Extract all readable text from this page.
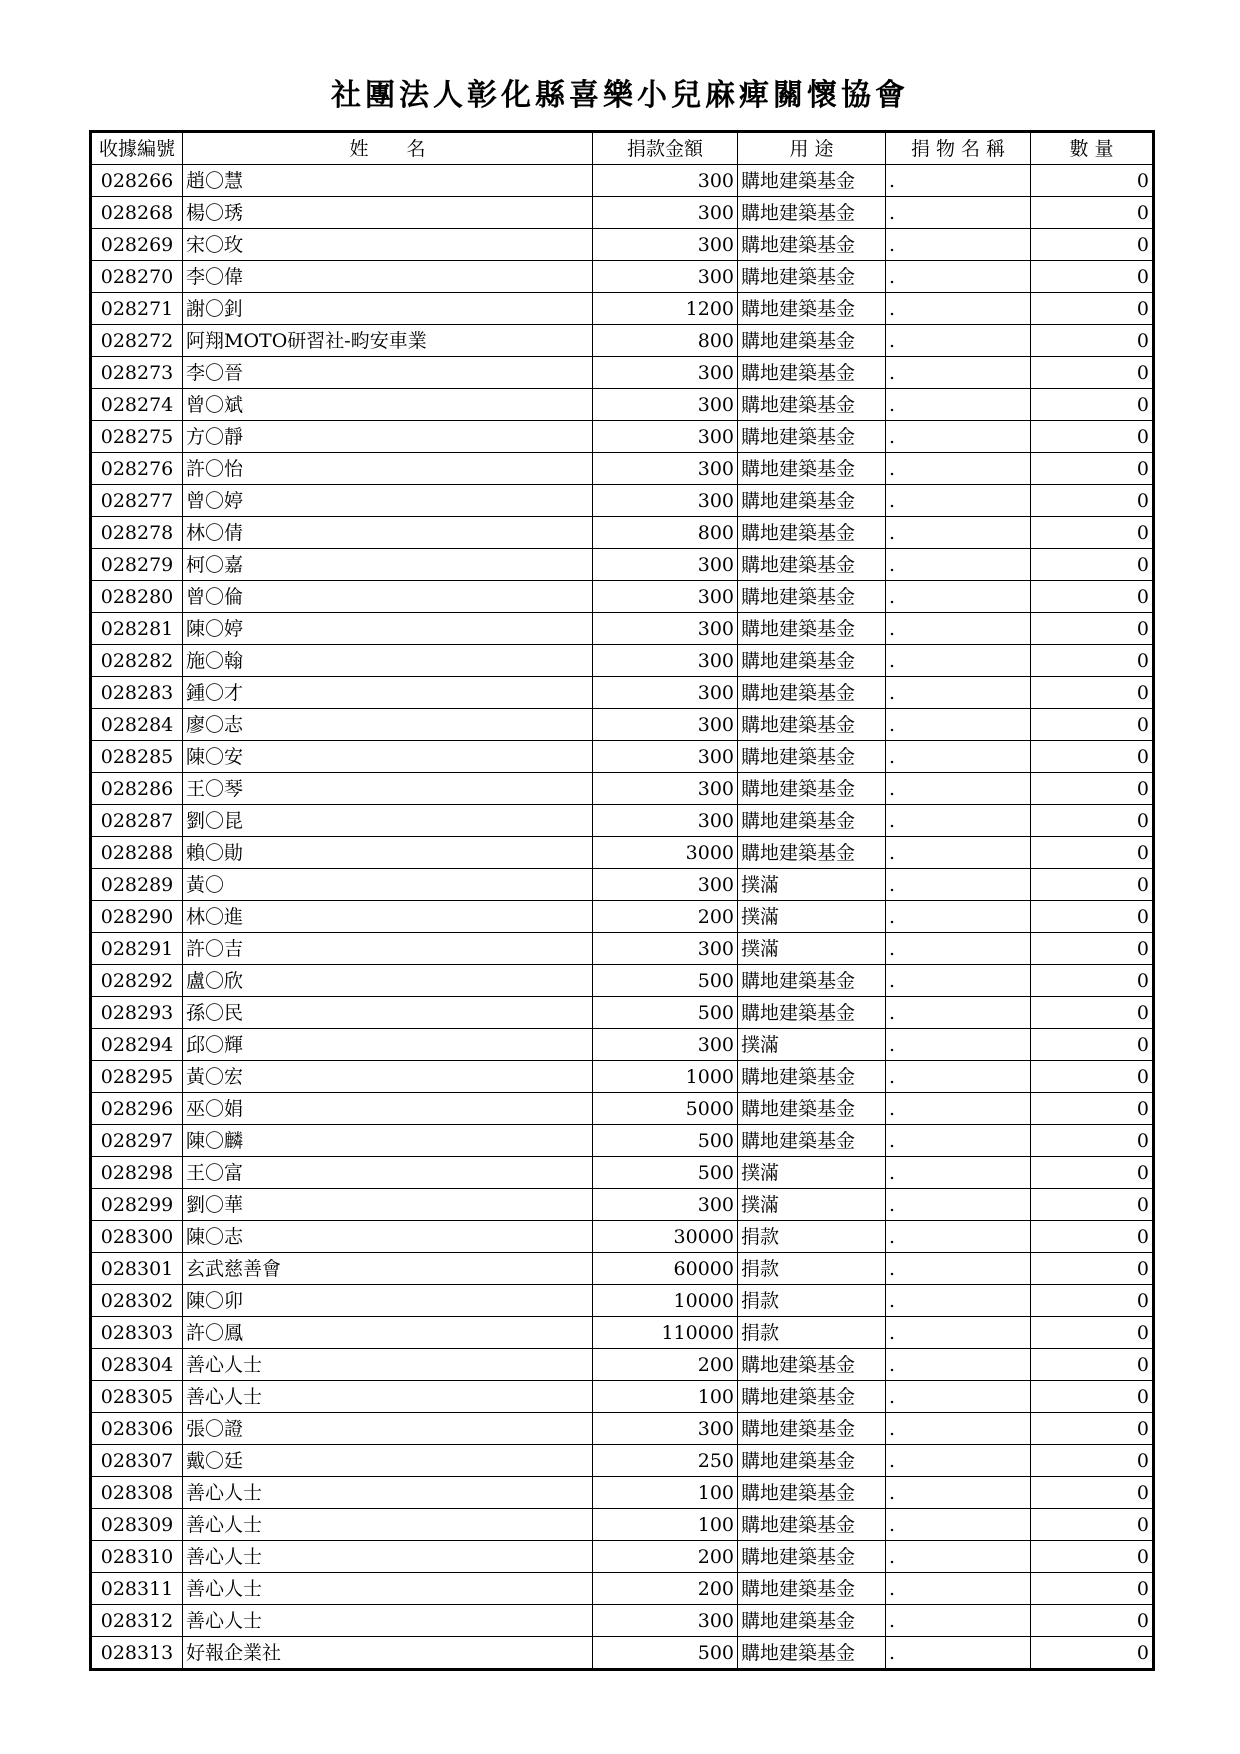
社團法人彰化縣喜樂小兒麻痺關懷協會
收據編號	姓　　名	捐款金額	用 途	捐 物 名 稱	數 量
028266	趙〇慧	300	購地建築基金	.	0
028268	楊〇琇	300	購地建築基金	.	0
028269	宋〇玫	300	購地建築基金	.	0
028270	李〇偉	300	購地建築基金	.	0
028271	謝〇釗	1200	購地建築基金	.	0
028272	阿翔MOTO研習社-畇安車業	800	購地建築基金	.	0
028273	李〇晉	300	購地建築基金	.	0
028274	曾〇斌	300	購地建築基金	.	0
028275	方〇靜	300	購地建築基金	.	0
028276	許〇怡	300	購地建築基金	.	0
028277	曾〇婷	300	購地建築基金	.	0
028278	林〇倩	800	購地建築基金	.	0
028279	柯〇嘉	300	購地建築基金	.	0
028280	曾〇倫	300	購地建築基金	.	0
028281	陳〇婷	300	購地建築基金	.	0
028282	施〇翰	300	購地建築基金	.	0
028283	鍾〇才	300	購地建築基金	.	0
028284	廖〇志	300	購地建築基金	.	0
028285	陳〇安	300	購地建築基金	.	0
028286	王〇琴	300	購地建築基金	.	0
028287	劉〇昆	300	購地建築基金	.	0
028288	賴〇勛	3000	購地建築基金	.	0
028289	黃〇	300	撲滿	.	0
028290	林〇進	200	撲滿	.	0
028291	許〇吉	300	撲滿	.	0
028292	盧〇欣	500	購地建築基金	.	0
028293	孫〇民	500	購地建築基金	.	0
028294	邱〇輝	300	撲滿	.	0
028295	黃〇宏	1000	購地建築基金	.	0
028296	巫〇娟	5000	購地建築基金	.	0
028297	陳〇麟	500	購地建築基金	.	0
028298	王〇富	500	撲滿	.	0
028299	劉〇華	300	撲滿	.	0
028300	陳〇志	30000	捐款	.	0
028301	玄武慈善會	60000	捐款	.	0
028302	陳〇卯	10000	捐款	.	0
028303	許〇鳳	110000	捐款	.	0
028304	善心人士	200	購地建築基金	.	0
028305	善心人士	100	購地建築基金	.	0
028306	張〇證	300	購地建築基金	.	0
028307	戴〇廷	250	購地建築基金	.	0
028308	善心人士	100	購地建築基金	.	0
028309	善心人士	100	購地建築基金	.	0
028310	善心人士	200	購地建築基金	.	0
028311	善心人士	200	購地建築基金	.	0
028312	善心人士	300	購地建築基金	.	0
028313	好報企業社	500	購地建築基金	.	0
